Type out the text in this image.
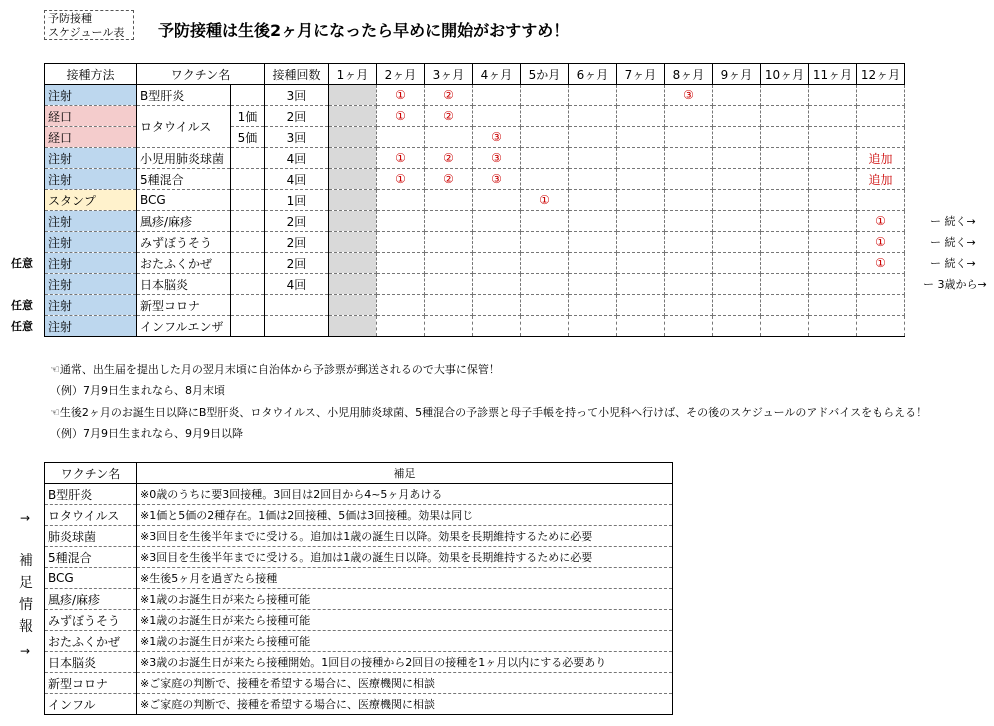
予防接種
スケジュール表	予防接種は生後2ヶ月になったら早めに開始がおすすめ！
接種方法	ワクチン名		接種回数	1ヶ月	2ヶ月	3ヶ月	4ヶ月	5か月	6ヶ月	7ヶ月	8ヶ月	9ヶ月	10ヶ月	11ヶ月	12ヶ月
注射	B型肝炎		3回		①	②					③				
経口	ロタウイルス	1価	2回		①	②									
経口		5価	3回				③								
注射	小児用肺炎球菌		4回		①	②	③								追加
注射	5種混合		4回		①	②	③								追加
スタンプ	BCG		1回					①							
注射	風疹/麻疹		2回												①
注射	みずぼうそう		2回												①
注射	おたふくかぜ		2回												①
注射	日本脳炎		4回												
注射	新型コロナ														
注射	インフルエンザ														
ー 続く→
ー 続く→
任意	ー 続く→
ー 3歳から→
任意
任意
☜通常、出生届を提出した月の翌月末頃に自治体から予診票が郵送されるので大事に保管！
（例）7月9日生まれなら、8月末頃
☜生後2ヶ月のお誕生日以降にB型肝炎、ロタウイルス、小児用肺炎球菌、5種混合の予診票と母子手帳を持って小児科へ行けば、その後のスケジュールのアドバイスをもらえる！
（例）7月9日生まれなら、9月9日以降
ワクチン名	補足
B型肝炎	※0歳のうちに要3回接種。3回目は2回目から4~5ヶ月あける
ロタウイルス	※1価と5価の2種存在。1価は2回接種、5価は3回接種。効果は同じ
肺炎球菌	※3回目を生後半年までに受ける。追加は1歳の誕生日以降。効果を長期維持するために必要
5種混合	※3回目を生後半年までに受ける。追加は1歳の誕生日以降。効果を長期維持するために必要
BCG	※生後5ヶ月を過ぎたら接種
風疹/麻疹	※1歳のお誕生日が来たら接種可能
みずぼうそう	※1歳のお誕生日が来たら接種可能
おたふくかぜ	※1歳のお誕生日が来たら接種可能
日本脳炎	※3歳のお誕生日が来たら接種開始。1回目の接種から2回目の接種を1ヶ月以内にする必要あり
新型コロナ	※ご家庭の判断で、接種を希望する場合に、医療機関に相談
インフル	※ご家庭の判断で、接種を希望する場合に、医療機関に相談
補
足
情
報
→
→
